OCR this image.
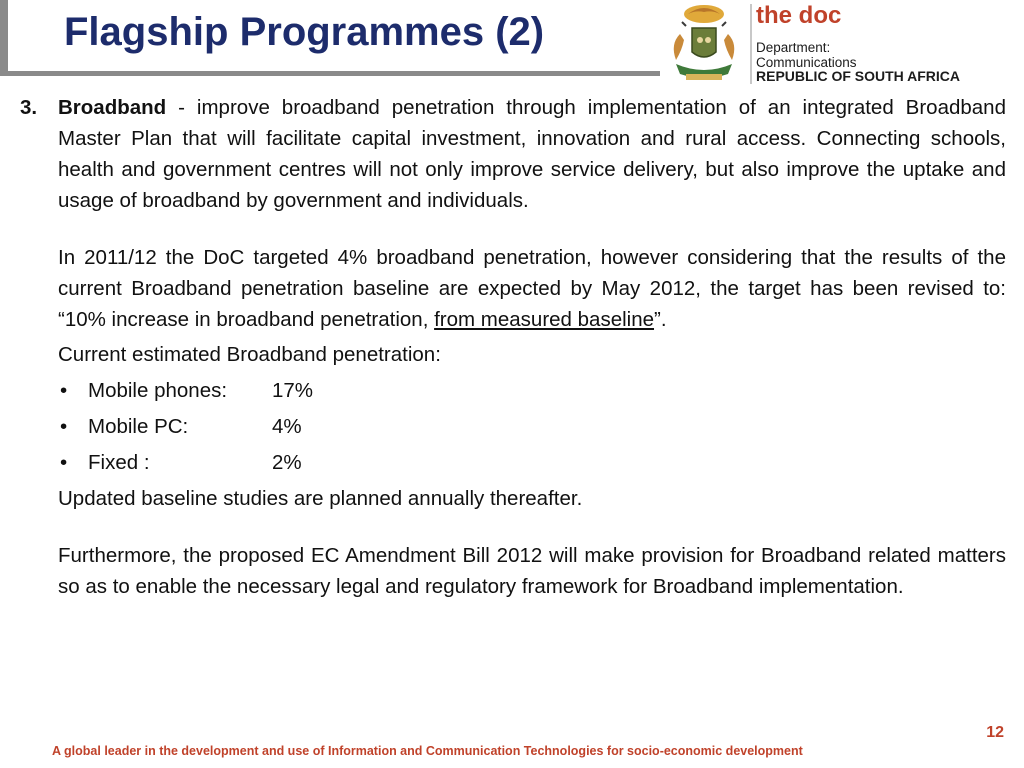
Flagship Programmes (2)	the doc
Department:
Communications
REPUBLIC OF SOUTH AFRICA
3. Broadband - improve broadband penetration through implementation of an integrated Broadband Master Plan that will facilitate capital investment, innovation and rural access. Connecting schools, health and government centres will not only improve service delivery, but also improve the uptake and usage of broadband by government and individuals.

In 2011/12 the DoC targeted 4% broadband penetration, however considering that the results of the current Broadband penetration baseline are expected by May 2012, the target has been revised to: “10% increase in broadband penetration, from measured baseline”.

Current estimated Broadband penetration:

• Mobile phones: 17%
• Mobile PC:	4%
• Fixed :	2%

Updated baseline studies are planned annually thereafter.

Furthermore, the proposed EC Amendment Bill 2012 will make provision for Broadband related matters so as to enable the necessary legal and regulatory framework for Broadband implementation.

12
A global leader in the development and use of Information and Communication Technologies for socio-economic development
